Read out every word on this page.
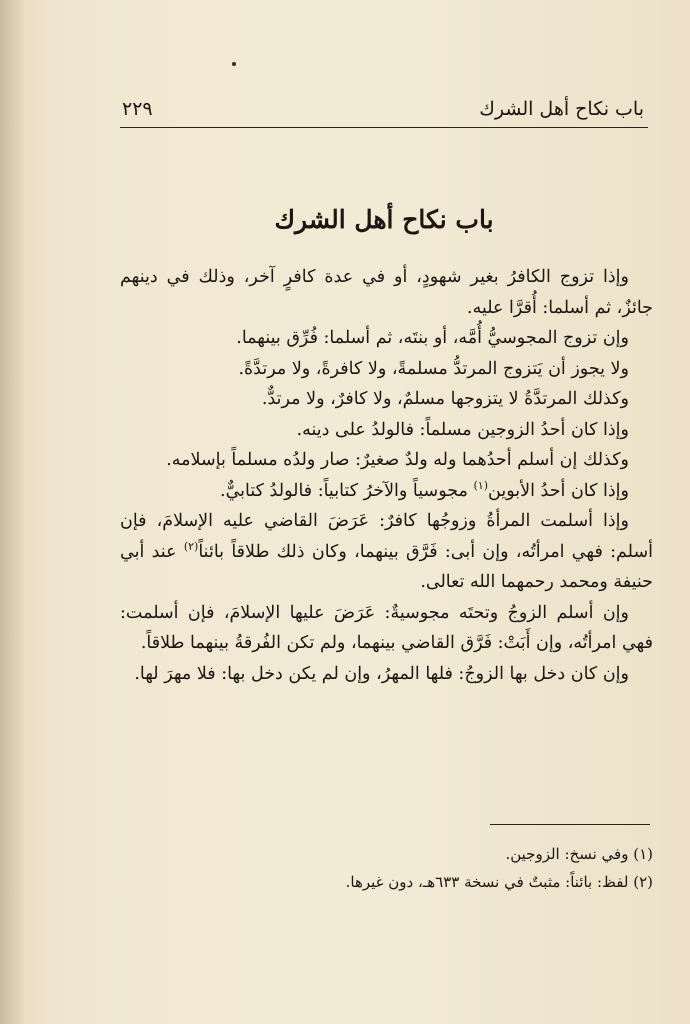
باب نكاح أهل الشرك
٢٢٩
باب نكاح أهل الشرك

وإذا تزوج الكافرُ بغير شهودٍ، أو في عدة كافرٍ آخر، وذلك في دينهم جائزٌ، ثم أسلما: أُقرَّا عليه.

وإن تزوج المجوسيُّ أُمَّه، أو بنتَه، ثم أسلما: فُرِّق بينهما.

ولا يجوز أن يَتزوج المرتدُّ مسلمةً، ولا كافرةً، ولا مرتدَّةً.

وكذلك المرتدَّةُ لا يتزوجها مسلمٌ، ولا كافرٌ، ولا مرتدٌّ.

وإذا كان أحدُ الزوجين مسلماً: فالولدُ على دينه.

وكذلك إن أسلم أحدُهما وله ولدٌ صغيرٌ: صار ولدُه مسلماً بإسلامه.

وإذا كان أحدُ الأبوين$^{(١)}$ مجوسياً والآخرُ كتابياً: فالولدُ كتابيٌّ.

وإذا أسلمت المرأةُ وزوجُها كافرٌ: عَرَضَ القاضي عليه الإسلامَ، فإن أسلم: فهي امرأتُه، وإن أبى: فَرَّق بينهما، وكان ذلك طلاقاً بائناً$^{(٢)}$ عند أبي حنيفة ومحمد رحمهما الله تعالى.

وإن أسلم الزوجُ وتحتَه مجوسيةٌ: عَرَضَ عليها الإسلامَ، فإن أسلمت: فهي امرأتُه، وإن أَبَتْ: فَرَّق القاضي بينهما، ولم تكن الفُرقةُ بينهما طلاقاً.

وإن كان دخل بها الزوجُ: فلها المهرُ، وإن لم يكن دخل بها: فلا مهرَ لها.

(١) وفي نسخ: الزوجين.

(٢) لفظ: بائناً: مثبتٌ في نسخة ٦٣٣هـ، دون غيرها.
